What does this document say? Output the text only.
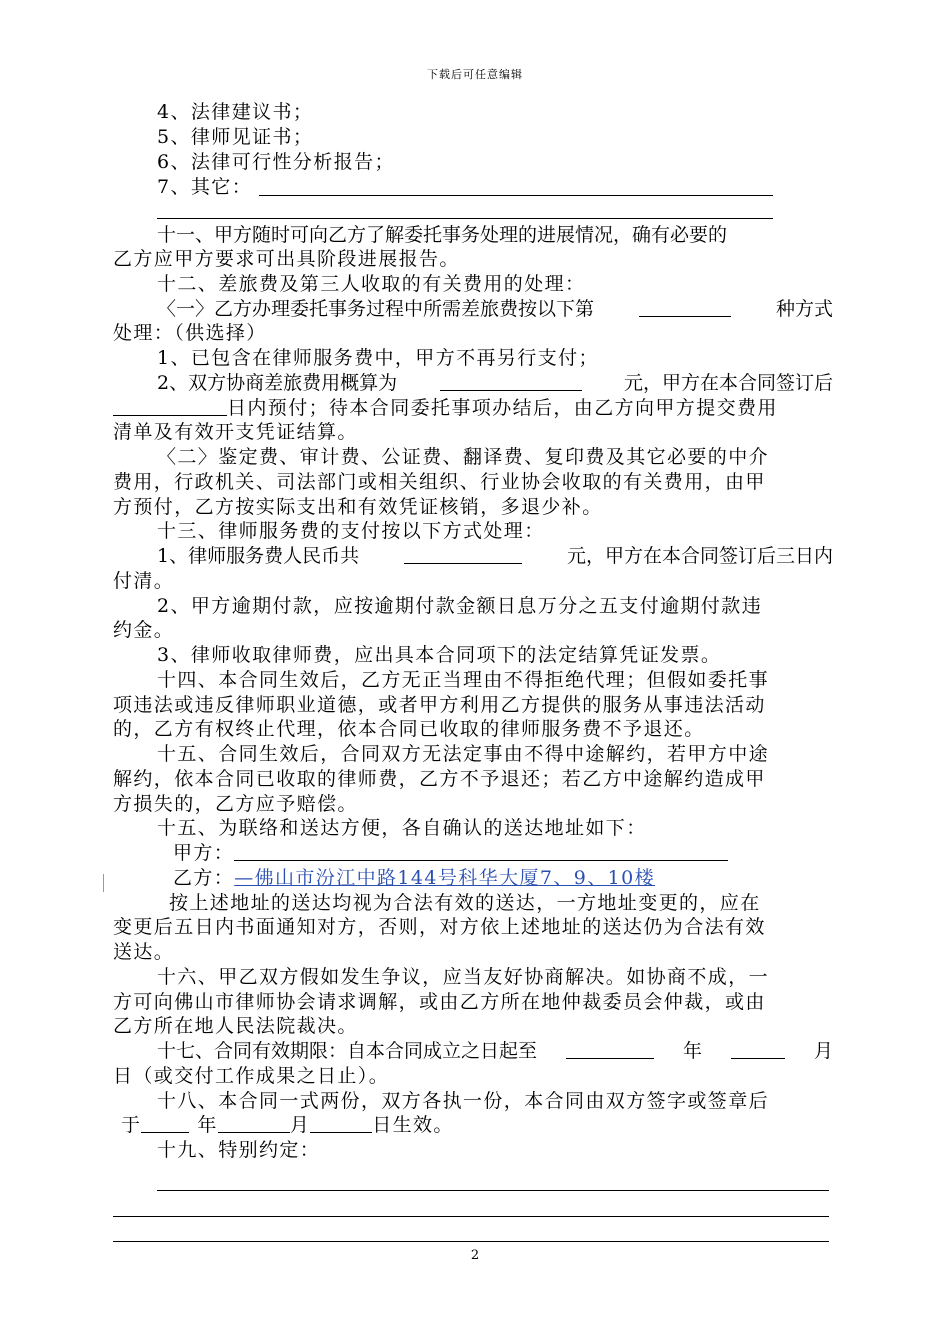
下载后可任意编辑
4、法律建议书；
5、律师见证书；
6、法律可行性分析报告；
7、其它：
十一、甲方随时可向乙方了解委托事务处理的进展情况，确有必要的
乙方应甲方要求可出具阶段进展报告。
十二、差旅费及第三人收取的有关费用的处理：
〈一〉乙方办理委托事务过程中所需差旅费按以下第	种方式
处理：（供选择）
1、已包含在律师服务费中，甲方不再另行支付；
2、双方协商差旅费用概算为	元，甲方在本合同签订后
日内预付；待本合同委托事项办结后，由乙方向甲方提交费用
清单及有效开支凭证结算。
〈二〉鉴定费、审计费、公证费、翻译费、复印费及其它必要的中介
费用，行政机关、司法部门或相关组织、行业协会收取的有关费用，由甲
方预付，乙方按实际支出和有效凭证核销，多退少补。
十三、律师服务费的支付按以下方式处理：
1、律师服务费人民币共	元，甲方在本合同签订后三日内
付清。
2、甲方逾期付款，应按逾期付款金额日息万分之五支付逾期付款违
约金。
3、律师收取律师费，应出具本合同项下的法定结算凭证发票。
十四、本合同生效后，乙方无正当理由不得拒绝代理；但假如委托事
项违法或违反律师职业道德，或者甲方利用乙方提供的服务从事违法活动
的，乙方有权终止代理，依本合同已收取的律师服务费不予退还。
十五、合同生效后，合同双方无法定事由不得中途解约，若甲方中途
解约，依本合同已收取的律师费，乙方不予退还；若乙方中途解约造成甲
方损失的，乙方应予赔偿。
十五、为联络和送达方便，各自确认的送达地址如下：
甲方：
乙方：—佛山市汾江中路144号科华大厦7、9、10楼
按上述地址的送达均视为合法有效的送达，一方地址变更的，应在
变更后五日内书面通知对方，否则，对方依上述地址的送达仍为合法有效
送达。
十六、甲乙双方假如发生争议，应当友好协商解决。如协商不成，一
方可向佛山市律师协会请求调解，或由乙方所在地仲裁委员会仲裁，或由
乙方所在地人民法院裁决。
十七、合同有效期限：自本合同成立之日起至	年	月
日（或交付工作成果之日止）。
十八、本合同一式两份，双方各执一份，本合同由双方签字或签章后
于	年	月	日生效。
十九、特别约定：
2
